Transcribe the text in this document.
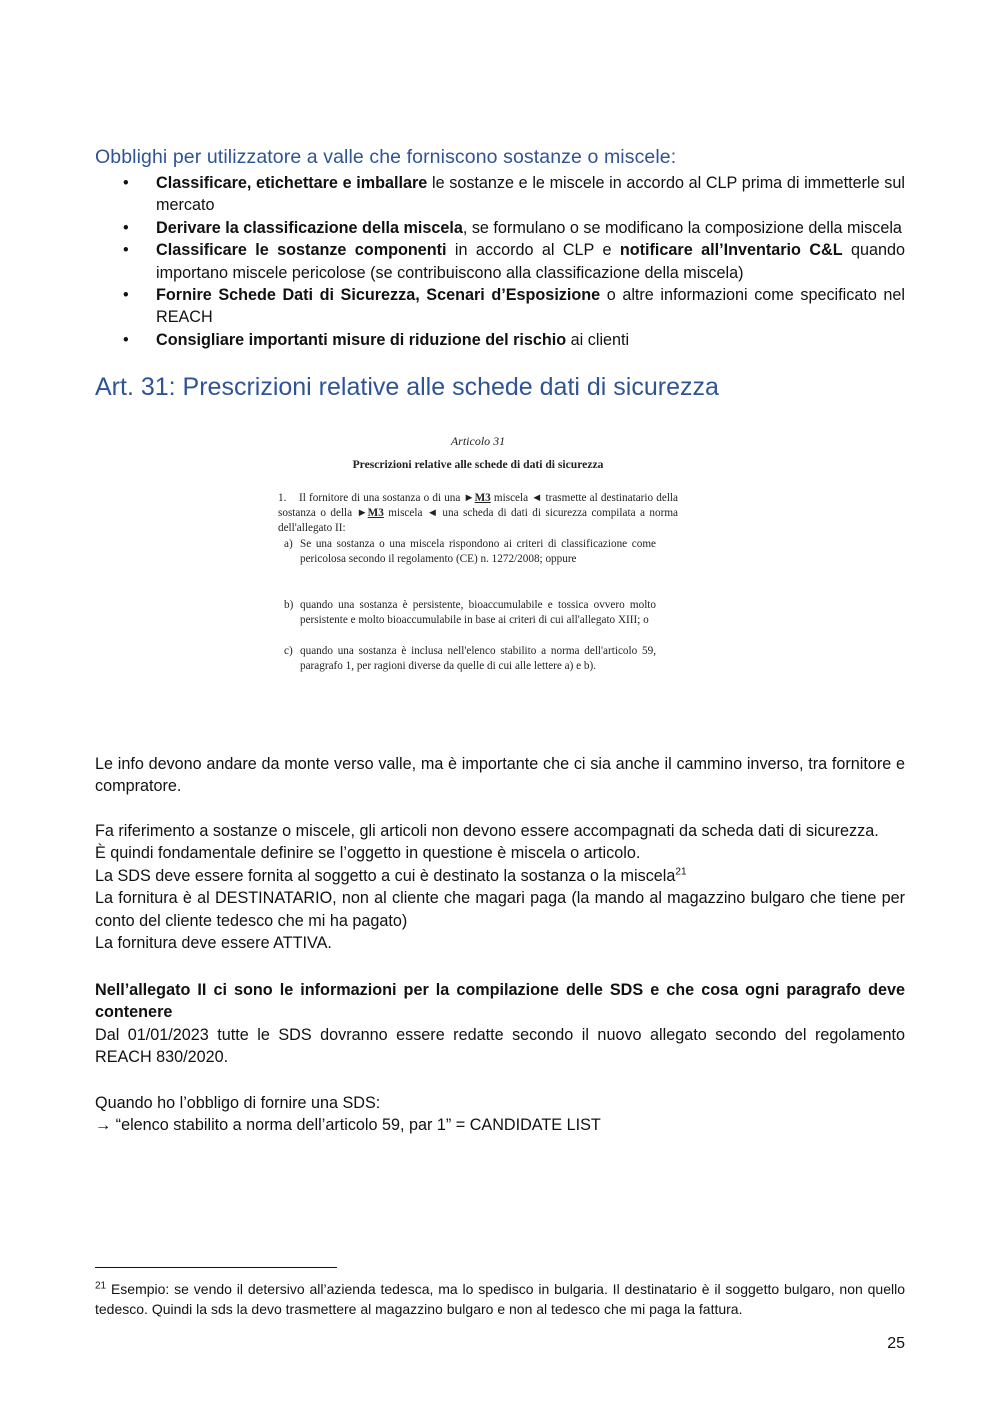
Obblighi per utilizzatore a valle che forniscono sostanze o miscele:
• Classificare, etichettare e imballare le sostanze e le miscele in accordo al CLP prima di immetterle sul mercato
• Derivare la classificazione della miscela, se formulano o se modificano la composizione della miscela
• Classificare le sostanze componenti in accordo al CLP e notificare all’Inventario C&L quando importano miscele pericolose (se contribuiscono alla classificazione della miscela)
• Fornire Schede Dati di Sicurezza, Scenari d’Esposizione o altre informazioni come specificato nel REACH
• Consigliare importanti misure di riduzione del rischio ai clienti
Art. 31: Prescrizioni relative alle schede dati di sicurezza
Articolo 31
Prescrizioni relative alle schede di dati di sicurezza
1. Il fornitore di una sostanza o di una ►M3 miscela ◄ trasmette al destinatario della sostanza o della ►M3 miscela ◄ una scheda di dati di sicurezza compilata a norma dell'allegato II:
a) Se una sostanza o una miscela rispondono ai criteri di classificazione come pericolosa secondo il regolamento (CE) n. 1272/2008; oppure
b) quando una sostanza è persistente, bioaccumulabile e tossica ovvero molto persistente e molto bioaccumulabile in base ai criteri di cui all'allegato XIII; o
c) quando una sostanza è inclusa nell'elenco stabilito a norma dell'articolo 59, paragrafo 1, per ragioni diverse da quelle di cui alle lettere a) e b).

Le info devono andare da monte verso valle, ma è importante che ci sia anche il cammino inverso, tra fornitore e compratore.

Fa riferimento a sostanze o miscele, gli articoli non devono essere accompagnati da scheda dati di sicurezza.
È quindi fondamentale definire se l’oggetto in questione è miscela o articolo.
La SDS deve essere fornita al soggetto a cui è destinato la sostanza o la miscela$^{21}$
La fornitura è al DESTINATARIO, non al cliente che magari paga (la mando al magazzino bulgaro che tiene per conto del cliente tedesco che mi ha pagato)
La fornitura deve essere ATTIVA.
Nell’allegato II ci sono le informazioni per la compilazione delle SDS e che cosa ogni paragrafo deve contenere
Dal 01/01/2023 tutte le SDS dovranno essere redatte secondo il nuovo allegato secondo del regolamento REACH 830/2020.
Quando ho l’obbligo di fornire una SDS:
→ “elenco stabilito a norma dell’articolo 59, par 1” = CANDIDATE LIST
$^{21}$ Esempio: se vendo il detersivo all’azienda tedesca, ma lo spedisco in bulgaria. Il destinatario è il soggetto bulgaro, non quello tedesco. Quindi la sds la devo trasmettere al magazzino bulgaro e non al tedesco che mi paga la fattura.
25
